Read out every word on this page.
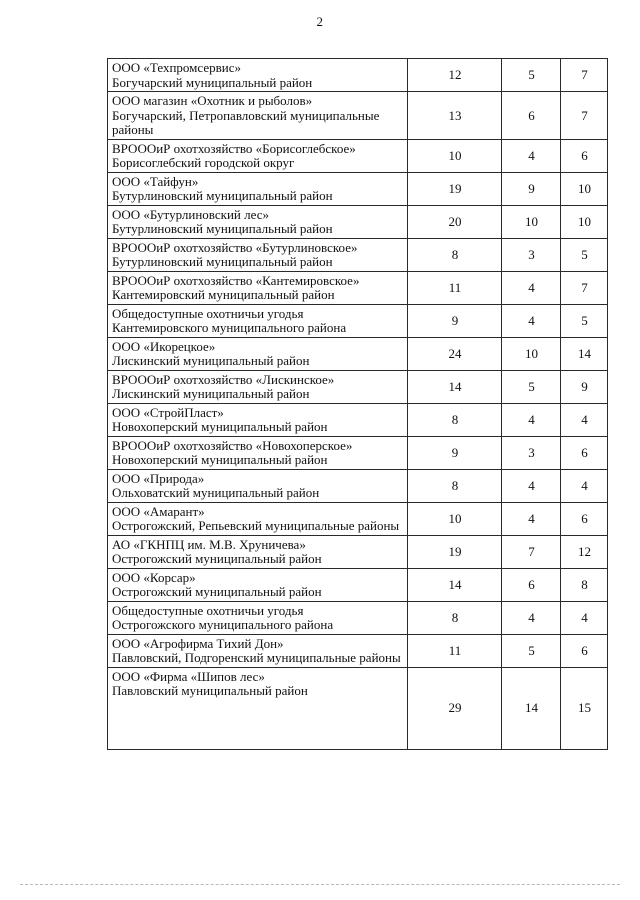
2
ООО «Техпромсервис»
Богучарский муниципальный район	12	5	7

ООО магазин «Охотник и рыболов»
Богучарский, Петропавловский муниципальные районы	13	6	7

ВРОООиР охотхозяйство «Борисоглебское»
Борисоглебский городской округ	10	4	6

ООО «Тайфун»
Бутурлиновский муниципальный район	19	9	10

ООО «Бутурлиновский лес»
Бутурлиновский муниципальный район	20	10	10

ВРОООиР охотхозяйство «Бутурлиновское»
Бутурлиновский муниципальный район	8	3	5

ВРОООиР охотхозяйство «Кантемировское»
Кантемировский муниципальный район	11	4	7

Общедоступные охотничьи угодья
Кантемировского муниципального района	9	4	5

ООО «Икорецкое»
Лискинский муниципальный район	24	10	14

ВРОООиР охотхозяйство «Лискинское»
Лискинский муниципальный район	14	5	9

ООО «СтройПласт»
Новохоперский муниципальный район	8	4	4

ВРОООиР охотхозяйство «Новохоперское»
Новохоперский муниципальный район	9	3	6

ООО «Природа»
Ольховатский муниципальный район	8	4	4

ООО «Амарант»
Острогожский, Репьевский муниципальные районы	10	4	6

АО «ГКНПЦ им. М.В. Хруничева»
Острогожский муниципальный район	19	7	12

ООО «Корсар»
Острогожский муниципальный район	14	6	8

Общедоступные охотничьи угодья
Острогожского муниципального района	8	4	4

ООО «Агрофирма Тихий Дон»
Павловский, Подгоренский муниципальные районы	11	5	6

ООО «Фирма «Шипов лес»
Павловский муниципальный район	29	14	15
